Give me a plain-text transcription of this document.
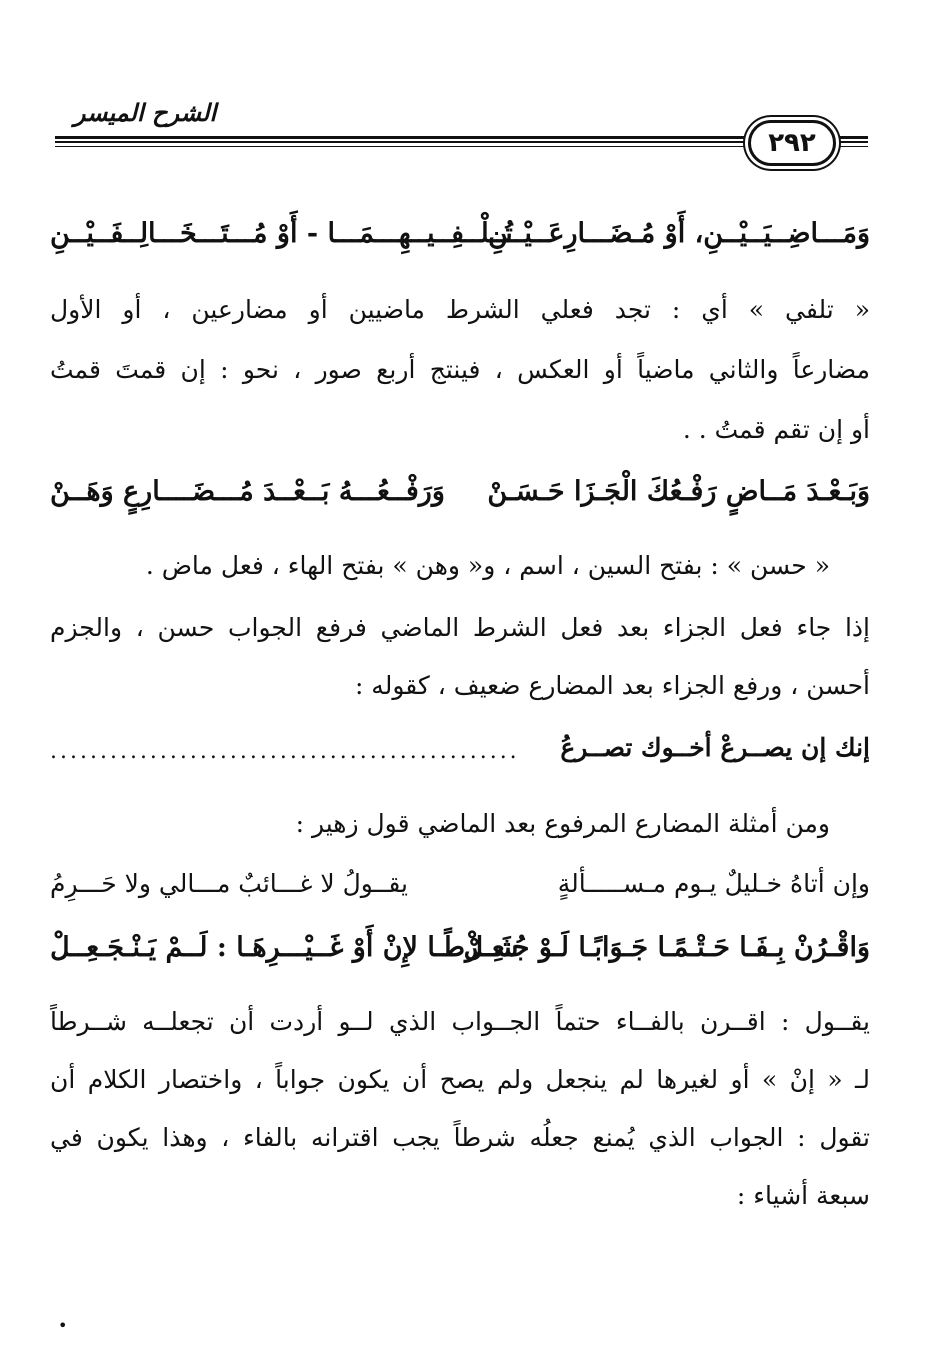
الشرح الميسر
٢٩٢
وَمَـــاضِــيَــيْــنِ، أَوْ مُـضَـــارِعَــيْــنِ
تُــلْــفِــيــهِـــمَـــا - أَوْ مُـــتَـــخَـــالِــفَــيْــنِ
« تلفي » أي : تجد فعلي الشرط ماضيين أو مضارعين ، أو الأول
مضارعاً والثاني ماضياً أو العكس ، فينتج أربع صور ، نحو : إن قمتَ قمتُ
أو إن تقم قمتُ . .
وَبَـعْـدَ مَــاضٍ رَفْـعُكَ الْجَـزَا حَـسَـنْ
وَرَفْــعُـــهُ بَــعْــدَ مُـــضَــــارِعٍ وَهَــنْ
« حسن » : بفتح السين ، اسم ، و« وهن » بفتح الهاء ، فعل ماض .
إذا جاء فعل الجزاء بعد فعل الشرط الماضي فرفع الجواب حسن ، والجزم
أحسن ، ورفع الجزاء بعد المضارع ضعيف ، كقوله :
إنك إن يصــرعْ أخــوك تصــرعُ
...............................................
ومن أمثلة المضارع المرفوع بعد الماضي قول زهير :
وإن أتاهُ خـليلٌ يـوم مـســـــألةٍ
يقــولُ لا غـــائبٌ مـــالي ولا حَـــرِمُ
وَاقْـرُنْ بِـفَـا حَـتْـمًـا جَـوَابًـا لَـوْ جُـعِـلْ
شَــرْطًـا لإِنْ أَوْ غَــيْـــرِهَـا : لَــمْ يَـنْـجَـعِــلْ
يقــول : اقــرن بالفــاء حتماً الجــواب الذي لــو أردت أن تجعلــه شــرطاً
لـ « إنْ » أو لغيرها لم ينجعل ولم يصح أن يكون جواباً ، واختصار الكلام أن
تقول : الجواب الذي يُمنع جعلُه شرطاً يجب اقترانه بالفاء ، وهذا يكون في
سبعة أشياء :
•
